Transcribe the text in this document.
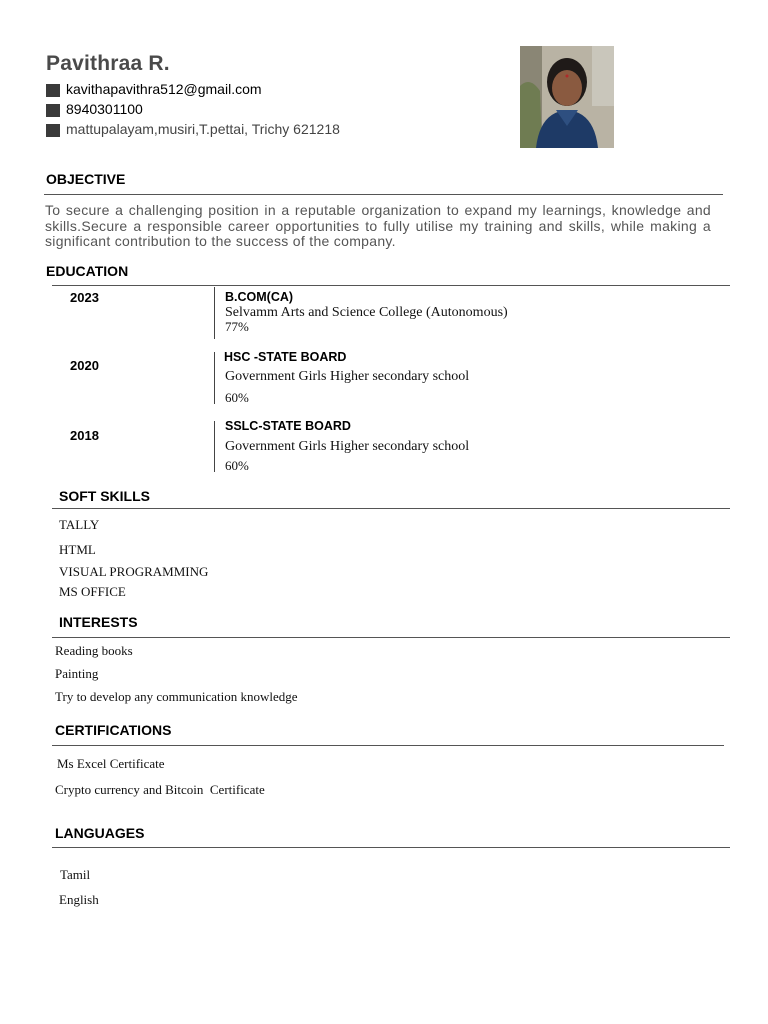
Pavithraa R.
kavithapavithra512@gmail.com
8940301100
mattupalayam,musiri,T.pettai, Trichy 621218
OBJECTIVE
To secure a challenging position in a reputable organization to expand my learnings, knowledge and skills.Secure a responsible career opportunities to fully utilise my training and skills, while making a significant contribution to the success of the company.
EDUCATION
2023	B.COM(CA)
Selvamm Arts and Science College (Autonomous)
77%
2020
HSC -STATE BOARD
Government Girls Higher secondary school
60%
2018
SSLC-STATE BOARD
Government Girls Higher secondary school
60%
SOFT SKILLS
TALLY
HTML
VISUAL PROGRAMMING
MS OFFICE
INTERESTS
Reading books
Painting
Try to develop any communication knowledge
CERTIFICATIONS
Ms Excel Certificate
Crypto currency and Bitcoin  Certificate
LANGUAGES
Tamil
English
